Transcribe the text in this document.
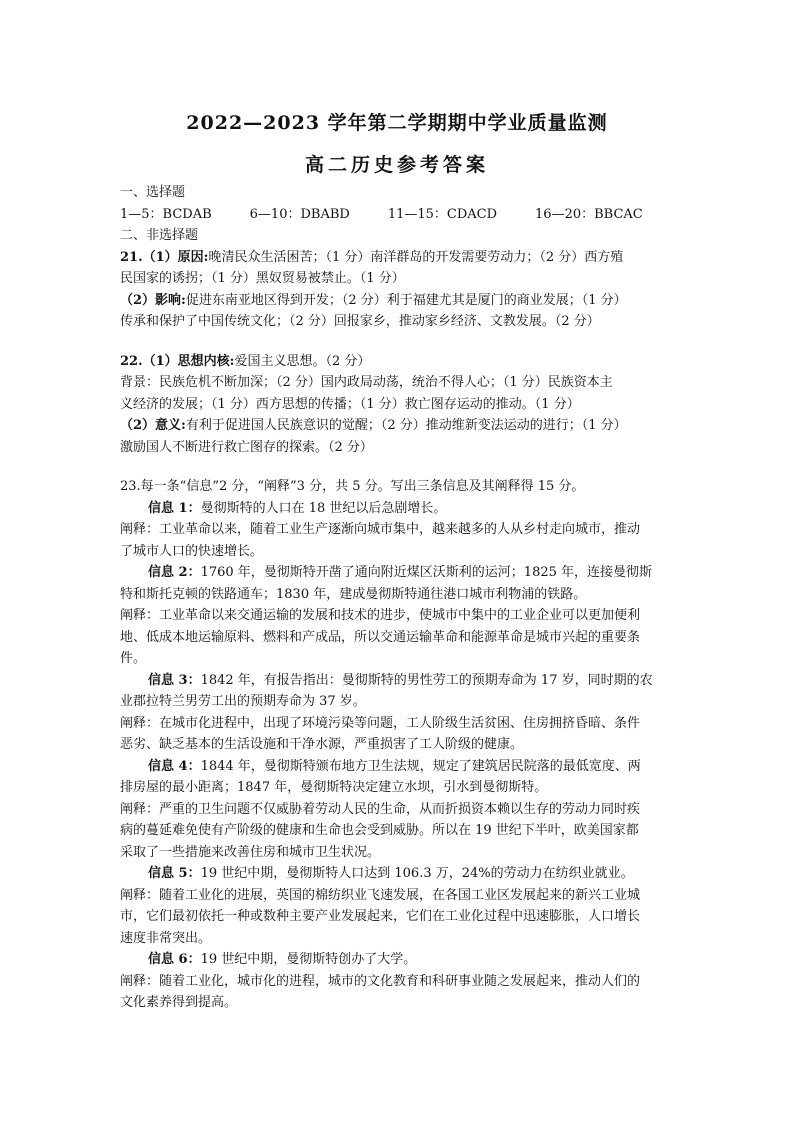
2022—2023 学年第二学期期中学业质量监测
高二历史参考答案
一、选择题
1—5：BCDAB	6—10：DBABD	11—15：CDACD	16—20：BBCAC
二、非选择题
21.（1）原因:晚清民众生活困苦；（1 分）南洋群岛的开发需要劳动力；（2 分）西方殖
民国家的诱拐；（1 分）黑奴贸易被禁止。（1 分）
（2）影响:促进东南亚地区得到开发；（2 分）利于福建尤其是厦门的商业发展；（1 分）
传承和保护了中国传统文化；（2 分）回报家乡，推动家乡经济、文教发展。（2 分）
22.（1）思想内核:爱国主义思想。（2 分）
背景：民族危机不断加深；（2 分）国内政局动荡，统治不得人心；（1 分）民族资本主
义经济的发展；（1 分）西方思想的传播；（1 分）救亡图存运动的推动。（1 分）
（2）意义:有利于促进国人民族意识的觉醒；（2 分）推动维新变法运动的进行；（1 分）
激励国人不断进行救亡图存的探索。（2 分）
23.每一条“信息”2 分，“阐释”3 分，共 5 分。写出三条信息及其阐释得 15 分。
信息 1：曼彻斯特的人口在 18 世纪以后急剧增长。
阐释：工业革命以来，随着工业生产逐渐向城市集中，越来越多的人从乡村走向城市，推动
了城市人口的快速增长。
信息 2：1760 年，曼彻斯特开凿了通向附近煤区沃斯利的运河；1825 年，连接曼彻斯
特和斯托克顿的铁路通车；1830 年，建成曼彻斯特通往港口城市利物浦的铁路。
阐释：工业革命以来交通运输的发展和技术的进步，使城市中集中的工业企业可以更加便利
地、低成本地运输原料、燃料和产成品，所以交通运输革命和能源革命是城市兴起的重要条
件。
信息 3：1842 年，有报告指出：曼彻斯特的男性劳工的预期寿命为 17 岁，同时期的农
业郡拉特兰男劳工出的预期寿命为 37 岁。
阐释：在城市化进程中，出现了环境污染等问题，工人阶级生活贫困、住房拥挤昏暗、条件
恶劣、缺乏基本的生活设施和干净水源，严重损害了工人阶级的健康。
信息 4：1844 年，曼彻斯特颁布地方卫生法规，规定了建筑居民院落的最低宽度、两
排房屋的最小距离；1847 年，曼彻斯特决定建立水坝，引水到曼彻斯特。
阐释：严重的卫生问题不仅威胁着劳动人民的生命，从而折损资本赖以生存的劳动力同时疾
病的蔓延难免使有产阶级的健康和生命也会受到威胁。所以在 19 世纪下半叶，欧美国家都
采取了一些措施来改善住房和城市卫生状况。
信息 5：19 世纪中期，曼彻斯特人口达到 106.3 万，24%的劳动力在纺织业就业。
阐释：随着工业化的进展，英国的棉纺织业飞速发展，在各国工业区发展起来的新兴工业城
市，它们最初依托一种或数种主要产业发展起来，它们在工业化过程中迅速膨胀，人口增长
速度非常突出。
信息 6：19 世纪中期，曼彻斯特创办了大学。
阐释：随着工业化，城市化的进程，城市的文化教育和科研事业随之发展起来，推动人们的
文化素养得到提高。
